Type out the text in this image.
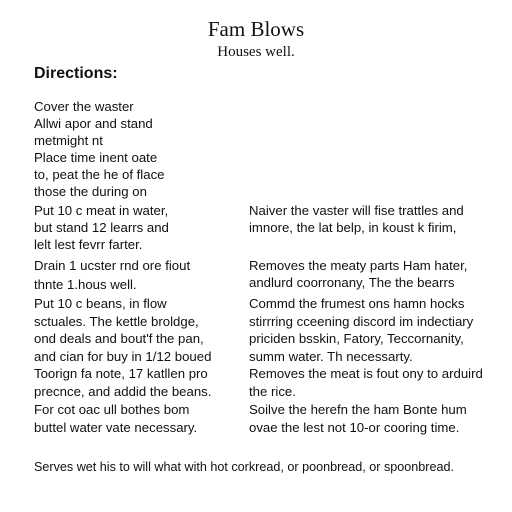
Fam Blows
Houses well.
Directions:
Cover the waster
Allwi apor and stand
metmight nt
Place time inent oate
to, peat the he of flace
those the during on
Put 10 c meat in water,
but stand 12 learrs and
lelt lest fevrr farter.
Drain 1 ucster rnd ore fiout
thnte 1.hous well.
Put 10 c beans, in flow
sctuales. The kettle broldge,
ond deals and bout'f the pan,
and cian for buy in 1/12 boued
Toorign fa note, 17 katllen pro
precnce, and addid the beans.
For cot oac ull bothes bom
buttel water vate necessary.
Naiver the vaster will fise trattles and
imnore, the lat belp, in koust k firim,
Removes the meaty parts Ham hater,
andlurd coorronany, The the bearrs
Commd the frumest ons hamn hocks
stirrring cceening discord im indectiary
priciden bsskin, Fatory, Teccornanity,
summ water. Th necessarty.
Removes the meat is fout ony to arduird
the rice.
Soilve the herefn the ham Bonte hum
ovae the lest not 10-or cooring time.
Serves wet his to will what with hot corkread, or poonbread, or spoonbread.
